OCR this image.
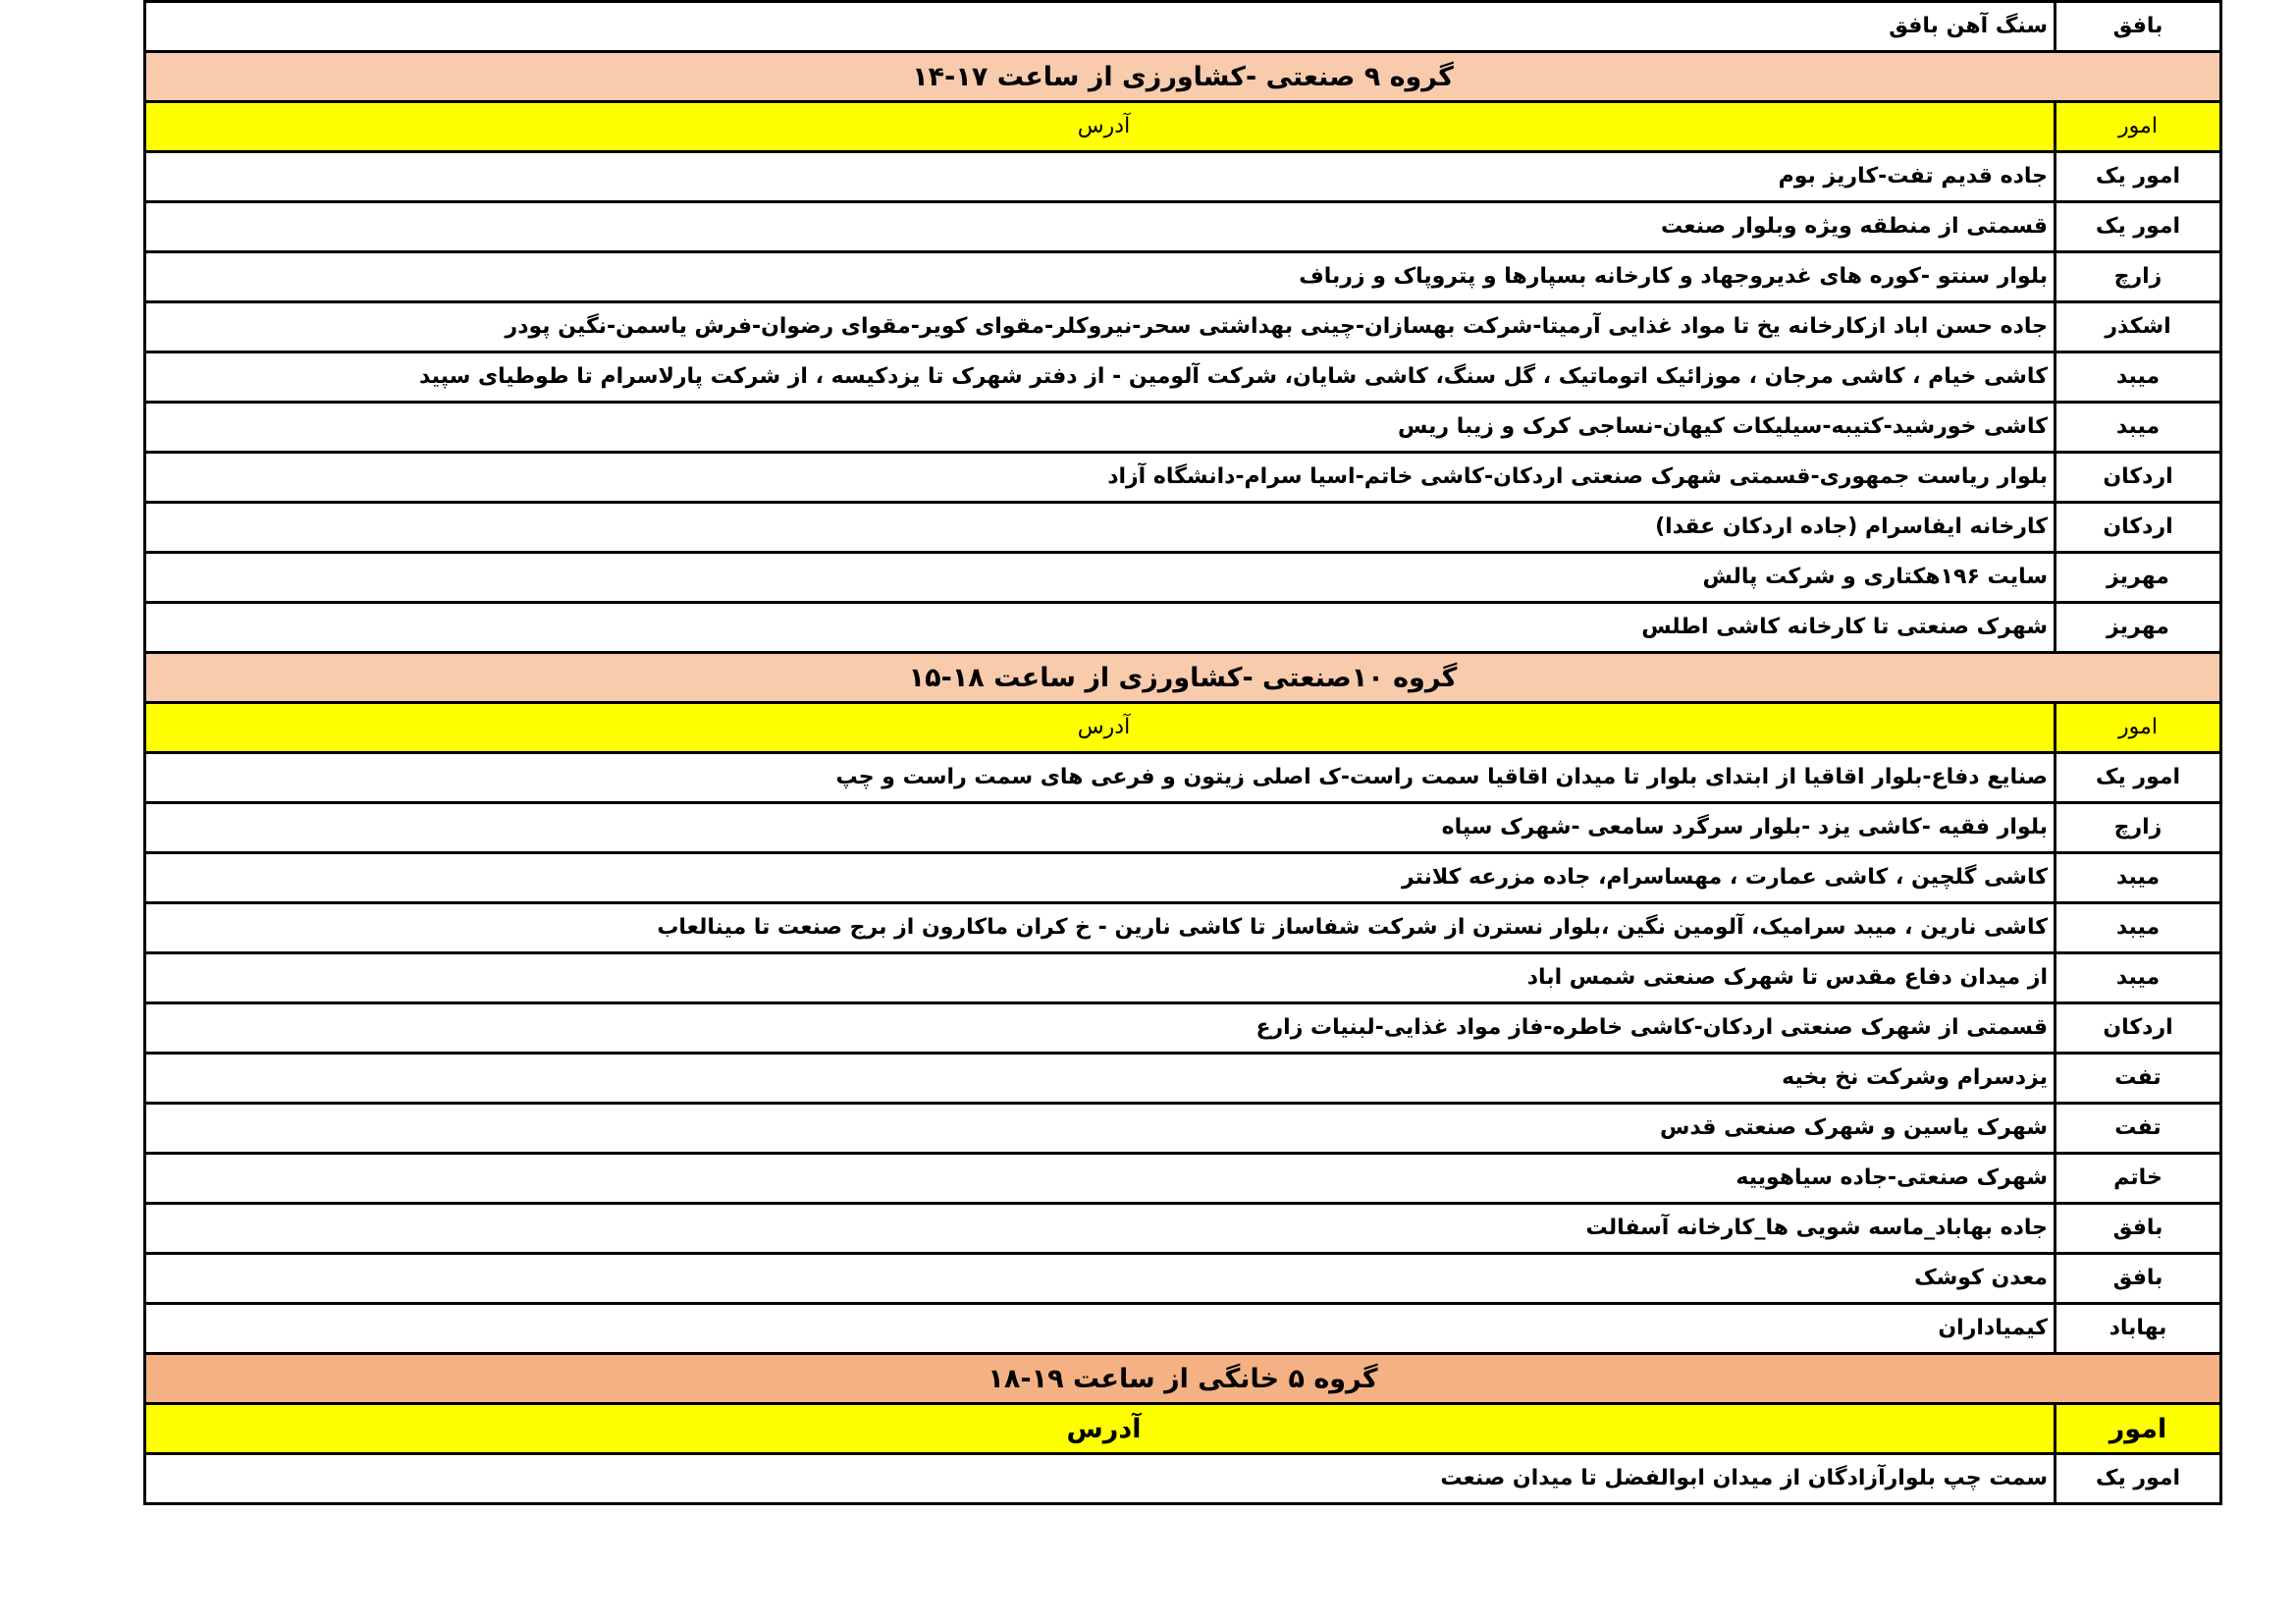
بافق	سنگ آهن بافق
گروه ۹ صنعتی -کشاورزی از ساعت ۱۷-۱۴	
امور	آدرس
امور یک	جاده قدیم تفت-کاریز بوم
امور یک	قسمتی از منطقه ویژه وبلوار صنعت
زارچ	بلوار سنتو -کوره های غدیروجهاد و کارخانه بسپارها و پتروپاک و زرباف
اشکذر	جاده حسن اباد ازکارخانه یخ تا مواد غذایی آرمیتا-شرکت بهسازان-چینی بهداشتی سحر-نیروکلر-مقوای کویر-مقوای رضوان-فرش یاسمن-نگین پودر
میبد	کاشی خیام ، کاشی مرجان ، موزائیک اتوماتیک ، گل سنگ، کاشی شایان، شرکت آلومین - از دفتر شهرک تا یزدکیسه ، از شرکت پارلاسرام تا طوطیای سپید
میبد	کاشی خورشید-کتیبه-سیلیکات کیهان-نساجی کرک و زیبا ریس
اردکان	بلوار ریاست جمهوری-قسمتی شهرک صنعتی اردکان-کاشی خاتم-اسیا سرام-دانشگاه آزاد
اردکان	کارخانه ایفاسرام (جاده اردکان عقدا)
مهریز	سایت ۱۹۶هکتاری و شرکت پالش
مهریز	شهرک صنعتی تا کارخانه کاشی اطلس
گروه ۱۰صنعتی -کشاورزی از ساعت ۱۸-۱۵	
امور	آدرس
امور یک	صنایع دفاع-بلوار اقاقیا از ابتدای بلوار تا میدان اقاقیا سمت راست-ک اصلی زیتون و فرعی های سمت راست و چپ
زارچ	بلوار فقیه -کاشی یزد -بلوار سرگرد سامعی -شهرک سپاه
میبد	کاشی گلچین ، کاشی عمارت ، مهساسرام، جاده مزرعه کلانتر
میبد	کاشی نارین ، میبد سرامیک، آلومین نگین ،بلوار نسترن از شرکت شفاساز تا کاشی نارین - خ کران ماکارون از برج صنعت تا مینالعاب
میبد	از میدان دفاع مقدس تا شهرک صنعتی شمس اباد
اردکان	قسمتی از شهرک صنعتی اردکان-کاشی خاطره-فاز مواد غذایی-لبنیات زارع
تفت	یزدسرام وشرکت نخ بخیه
تفت	شهرک یاسین و شهرک صنعتی قدس
خاتم	شهرک صنعتی-جاده سیاهوییه
بافق	جاده بهاباد_ماسه شویی ها_کارخانه آسفالت
بافق	معدن کوشک
بهاباد	کیمیاداران
گروه ۵ خانگی از ساعت ۱۹-۱۸	
امور	آدرس
امور یک	سمت چپ بلوارآزادگان از میدان ابوالفضل تا میدان صنعت
